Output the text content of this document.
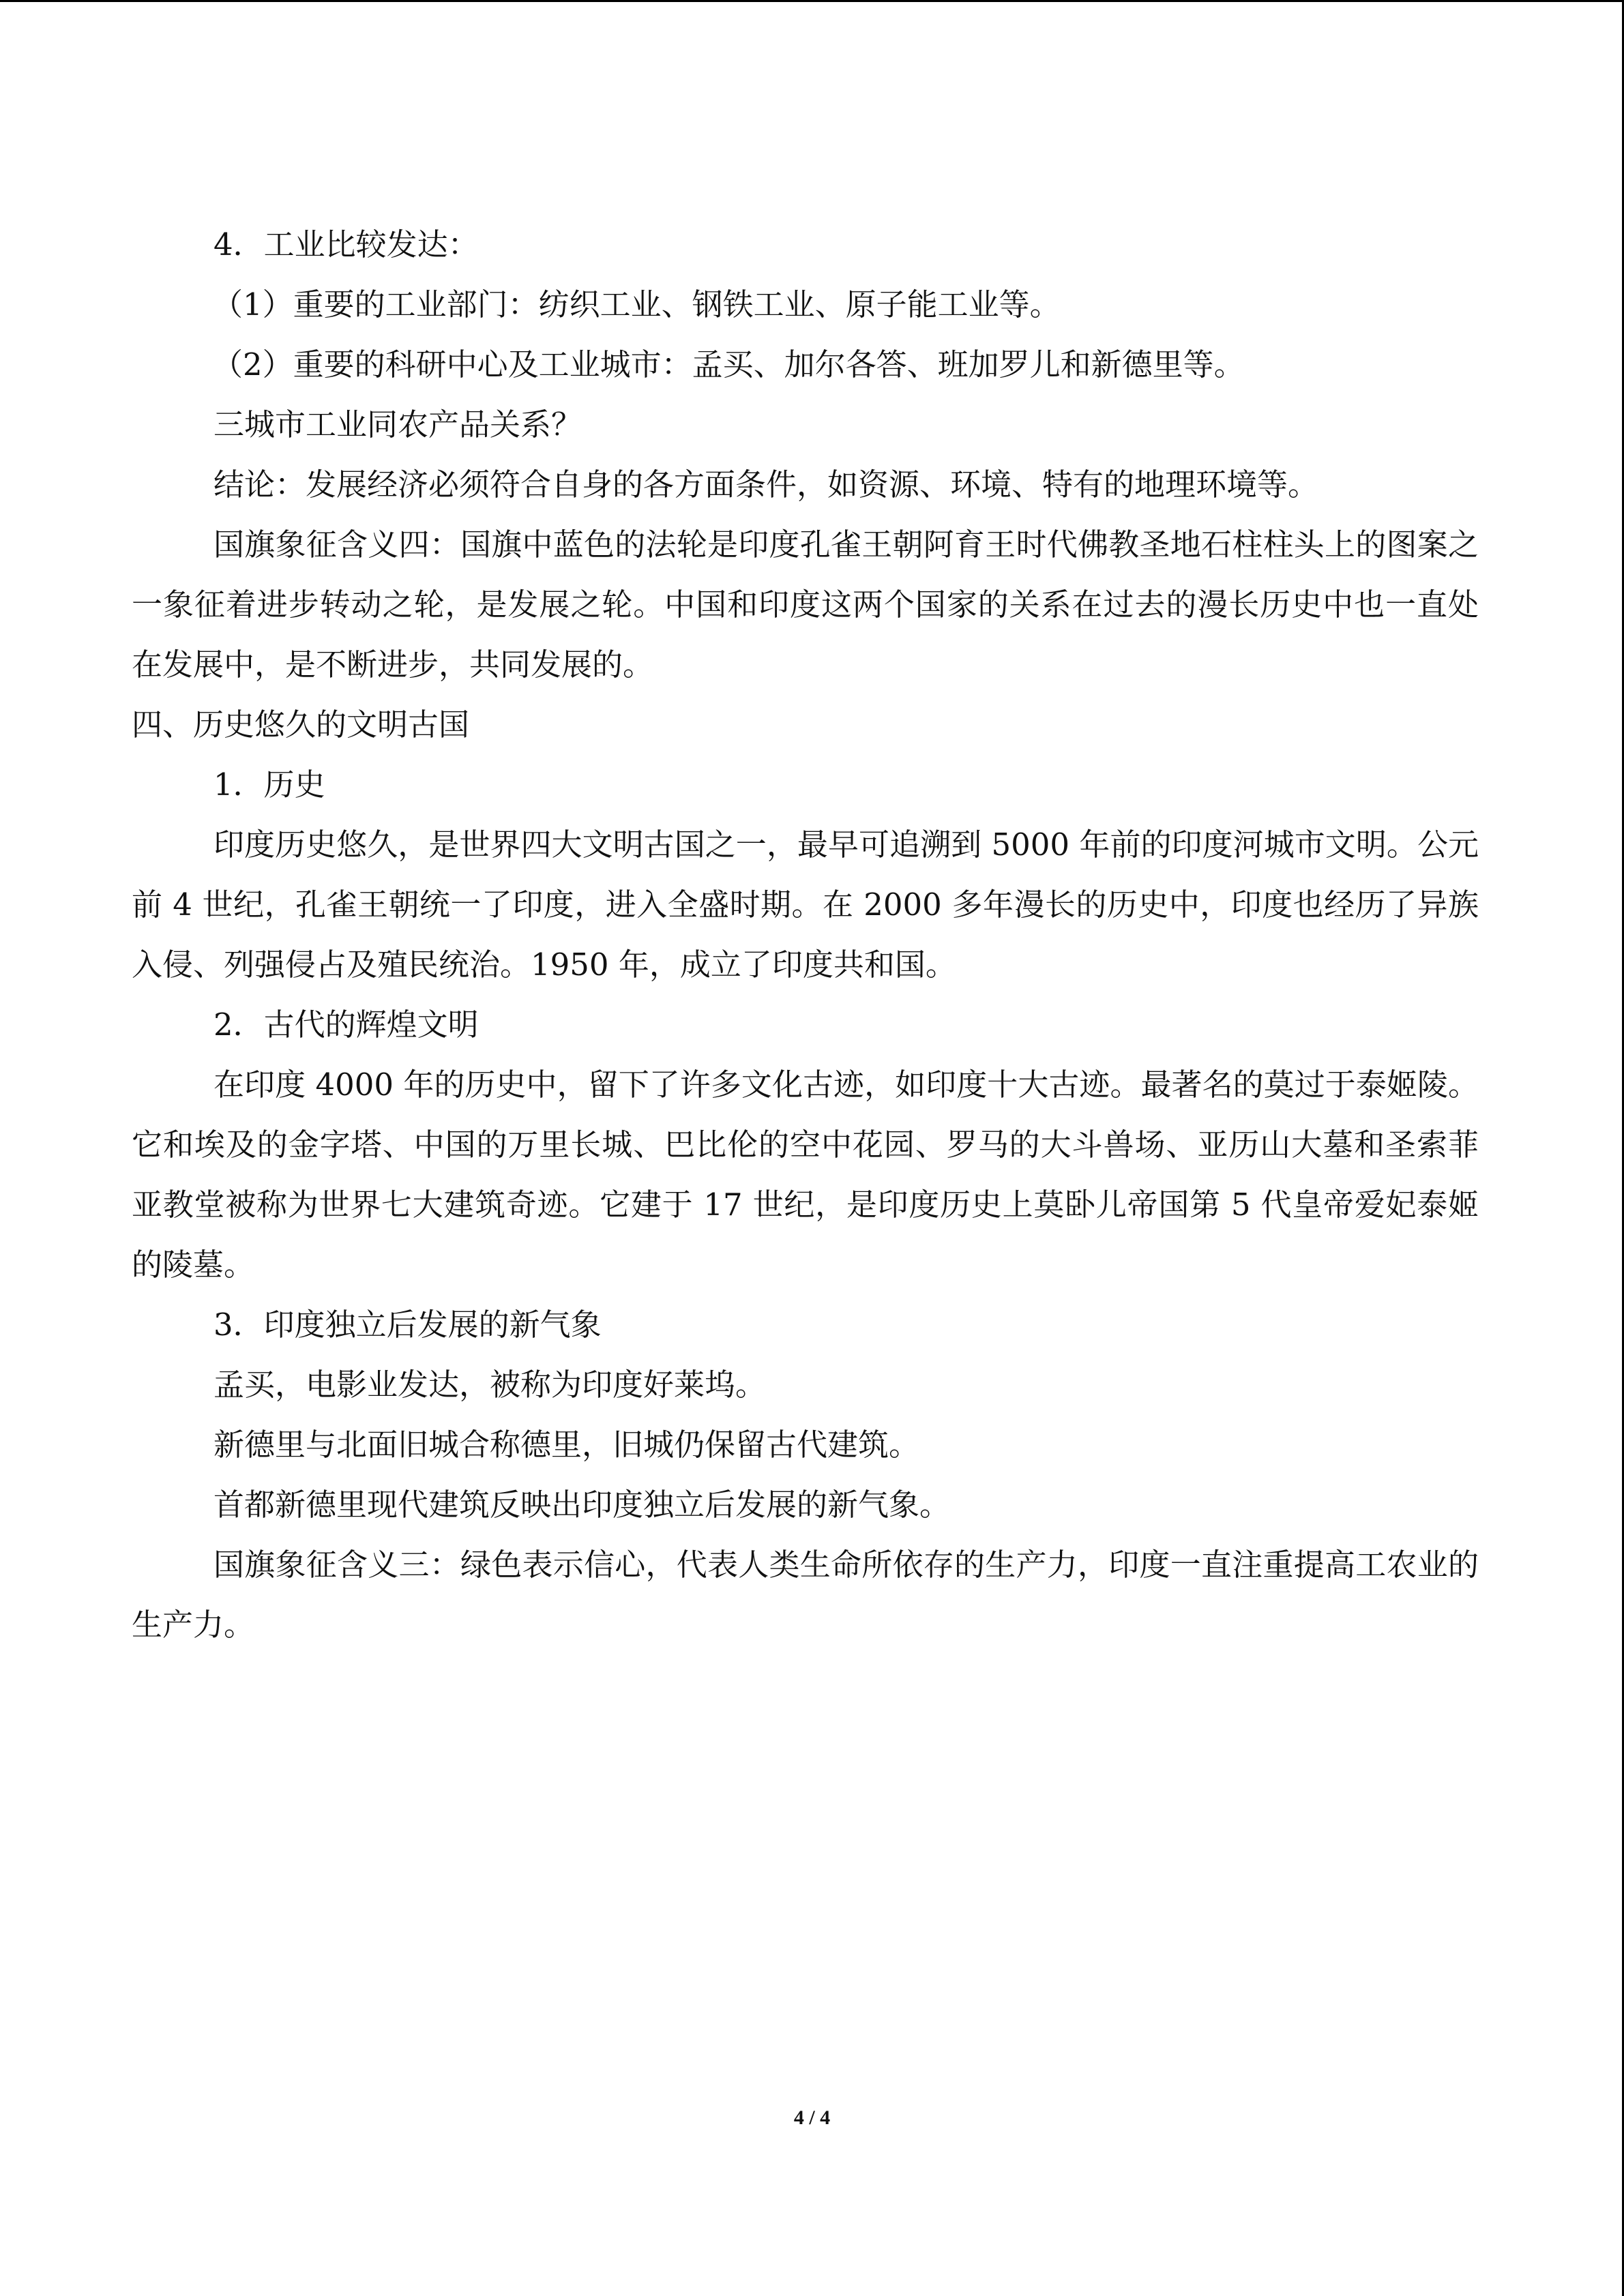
4．工业比较发达：
（1）重要的工业部门：纺织工业、钢铁工业、原子能工业等。
（2）重要的科研中心及工业城市：孟买、加尔各答、班加罗儿和新德里等。
三城市工业同农产品关系？
结论：发展经济必须符合自身的各方面条件，如资源、环境、特有的地理环境等。
国旗象征含义四：国旗中蓝色的法轮是印度孔雀王朝阿育王时代佛教圣地石柱柱头上的图案之一象征着进步转动之轮，是发展之轮。中国和印度这两个国家的关系在过去的漫长历史中也一直处在发展中，是不断进步，共同发展的。
四、历史悠久的文明古国
1．历史
印度历史悠久，是世界四大文明古国之一，最早可追溯到 5000 年前的印度河城市文明。公元前 4 世纪，孔雀王朝统一了印度，进入全盛时期。在 2000 多年漫长的历史中，印度也经历了异族入侵、列强侵占及殖民统治。1950 年，成立了印度共和国。
2．古代的辉煌文明
在印度 4000 年的历史中，留下了许多文化古迹，如印度十大古迹。最著名的莫过于泰姬陵。它和埃及的金字塔、中国的万里长城、巴比伦的空中花园、罗马的大斗兽场、亚历山大墓和圣索菲亚教堂被称为世界七大建筑奇迹。它建于 17 世纪，是印度历史上莫卧儿帝国第 5 代皇帝爱妃泰姬的陵墓。
3．印度独立后发展的新气象
孟买，电影业发达，被称为印度好莱坞。
新德里与北面旧城合称德里，旧城仍保留古代建筑。
首都新德里现代建筑反映出印度独立后发展的新气象。
国旗象征含义三：绿色表示信心，代表人类生命所依存的生产力，印度一直注重提高工农业的生产力。
4 / 4
